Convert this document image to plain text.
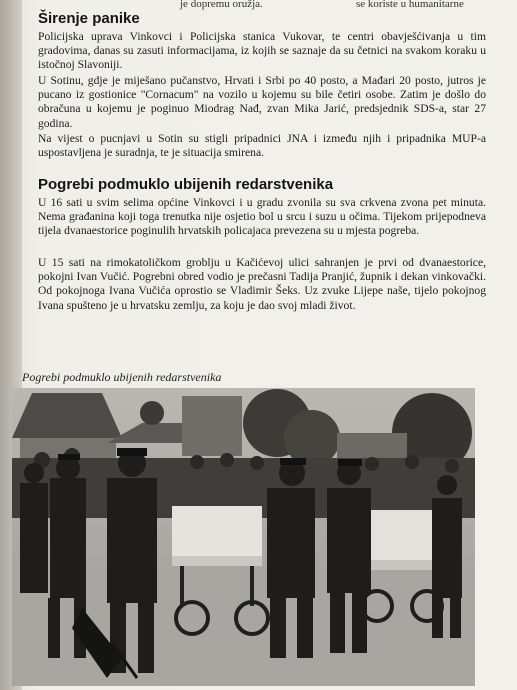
je dopremu oružja.	se koriste u humanitarne
Širenje panike

Policijska uprava Vinkovci i Policijska stanica Vukovar, te centri obavješćivanja u tim gradovima, danas su zasuti informacijama, iz kojih se saznaje da su četnici na svakom koraku u istočnoj Slavoniji.

U Sotinu, gdje je miješano pučanstvo, Hrvati i Srbi po 40 posto, a Mađari 20 posto, jutros je pucano iz gostionice "Cornacum" na vozilo u kojemu su bile četiri osobe. Zatim je došlo do obračuna u kojemu je poginuo Miodrag Nađ, zvan Mika Jarić, predsjednik SDS-a, star 27 godina.

Na vijest o pucnjavi u Sotin su stigli pripadnici JNA i između njih i pripadnika MUP-a uspostavljena je suradnja, te je situacija smirena.

Pogrebi podmuklo ubijenih redarstvenika

U 16 sati u svim selima općine Vinkovci i u gradu zvonila su sva crkvena zvona pet minuta. Nema građanina koji toga trenutka nije osjetio bol u srcu i suzu u očima. Tijekom prijepodneva tijela dvanaestorice poginulih hrvatskih policajaca prevezena su u mjesta pogreba.

U 15 sati na rimokatoličkom groblju u Kačićevoj ulici sahranjen je prvi od dvanaestorice, pokojni Ivan Vučić. Pogrebni obred vodio je prečasni Tadija Pranjić, župnik i dekan vinkovački. Od pokojnoga Ivana Vučića oprostio se Vladimir Šeks. Uz zvuke Lijepe naše, tijelo pokojnog Ivana spušteno je u hrvatsku zemlju, za koju je dao svoj mladi život.

Pogrebi podmuklo ubijenih redarstvenika
